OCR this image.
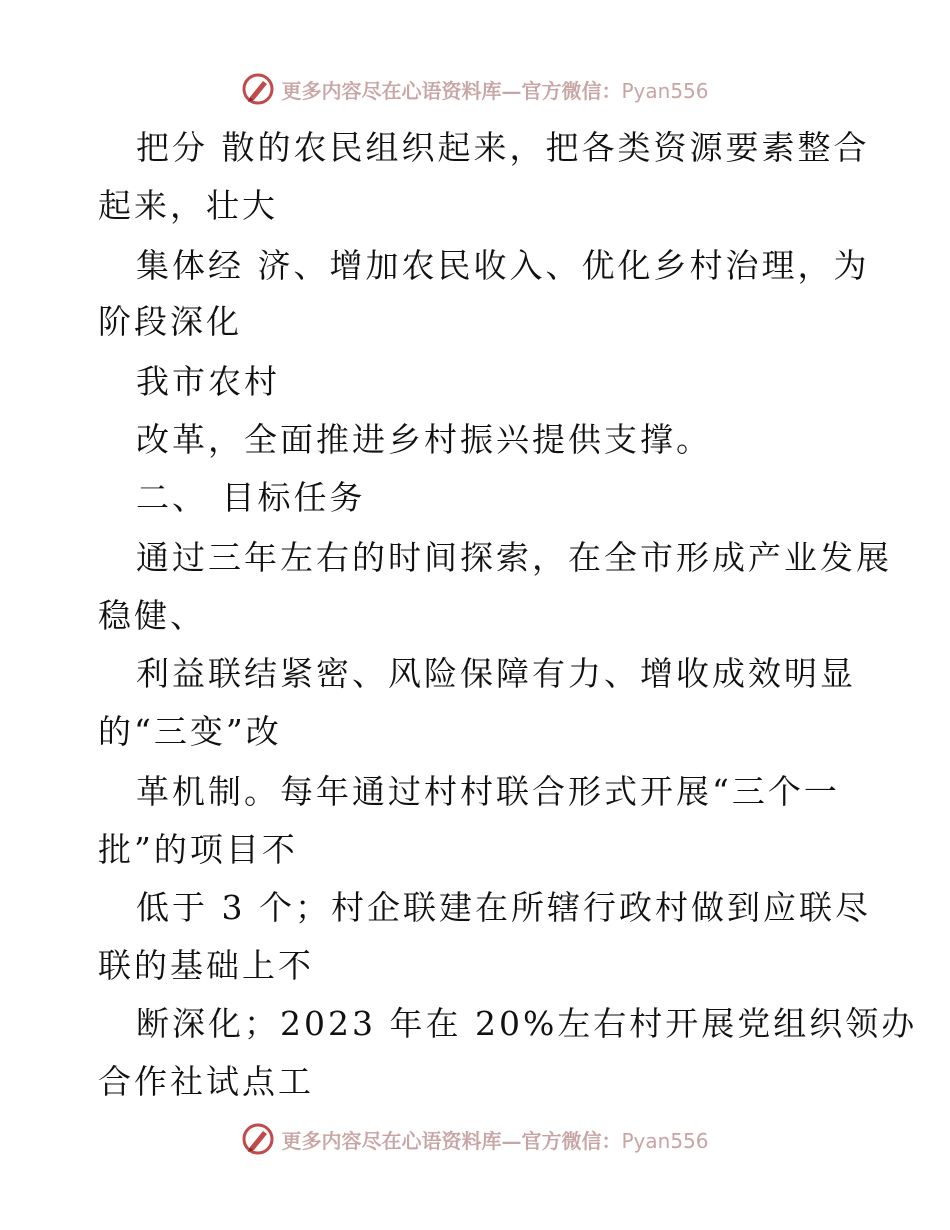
更多内容尽在心语资料库—官方微信：Pyan556
把分 散的农民组织起来，把各类资源要素整合
起来，壮大
集体经 济、增加农民收入、优化乡村治理，为
阶段深化
我市农村
改革，全面推进乡村振兴提供支撑。
二、 目标任务
通过三年左右的时间探索，在全市形成产业发展
稳健、
利益联结紧密、风险保障有力、增收成效明显
的“三变”改
革机制。每年通过村村联合形式开展“三个一
批”的项目不
低于 3 个；村企联建在所辖行政村做到应联尽
联的基础上不
断深化；2023 年在 20%左右村开展党组织领办
合作社试点工
更多内容尽在心语资料库—官方微信：Pyan556
